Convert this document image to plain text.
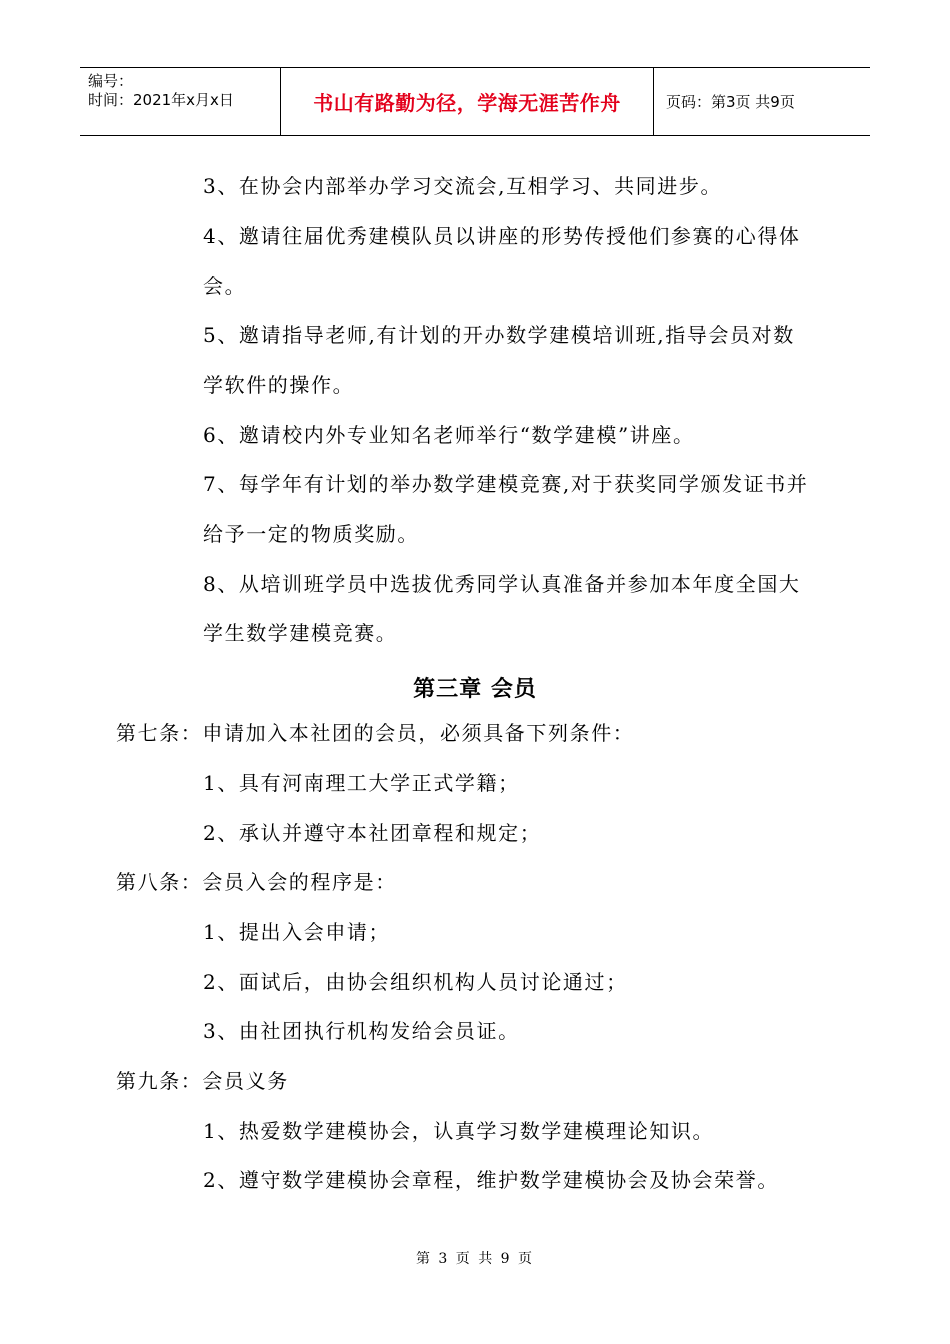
编号：
时间：2021年x月x日	书山有路勤为径，学海无涯苦作舟	页码：第3页 共9页
3、在协会内部举办学习交流会,互相学习、共同进步。
4、邀请往届优秀建模队员以讲座的形势传授他们参赛的心得体
会。
5、邀请指导老师,有计划的开办数学建模培训班,指导会员对数
学软件的操作。
6、邀请校内外专业知名老师举行“数学建模”讲座。
7、每学年有计划的举办数学建模竞赛,对于获奖同学颁发证书并
给予一定的物质奖励。
8、从培训班学员中选拔优秀同学认真准备并参加本年度全国大
学生数学建模竞赛。
第三章 会员
第七条：申请加入本社团的会员，必须具备下列条件：
1、具有河南理工大学正式学籍；
2、承认并遵守本社团章程和规定；
第八条：会员入会的程序是：
1、提出入会申请；
2、面试后，由协会组织机构人员讨论通过；
3、由社团执行机构发给会员证。
第九条：会员义务
1、热爱数学建模协会，认真学习数学建模理论知识。
2、遵守数学建模协会章程，维护数学建模协会及协会荣誉。
第 3 页 共 9 页
